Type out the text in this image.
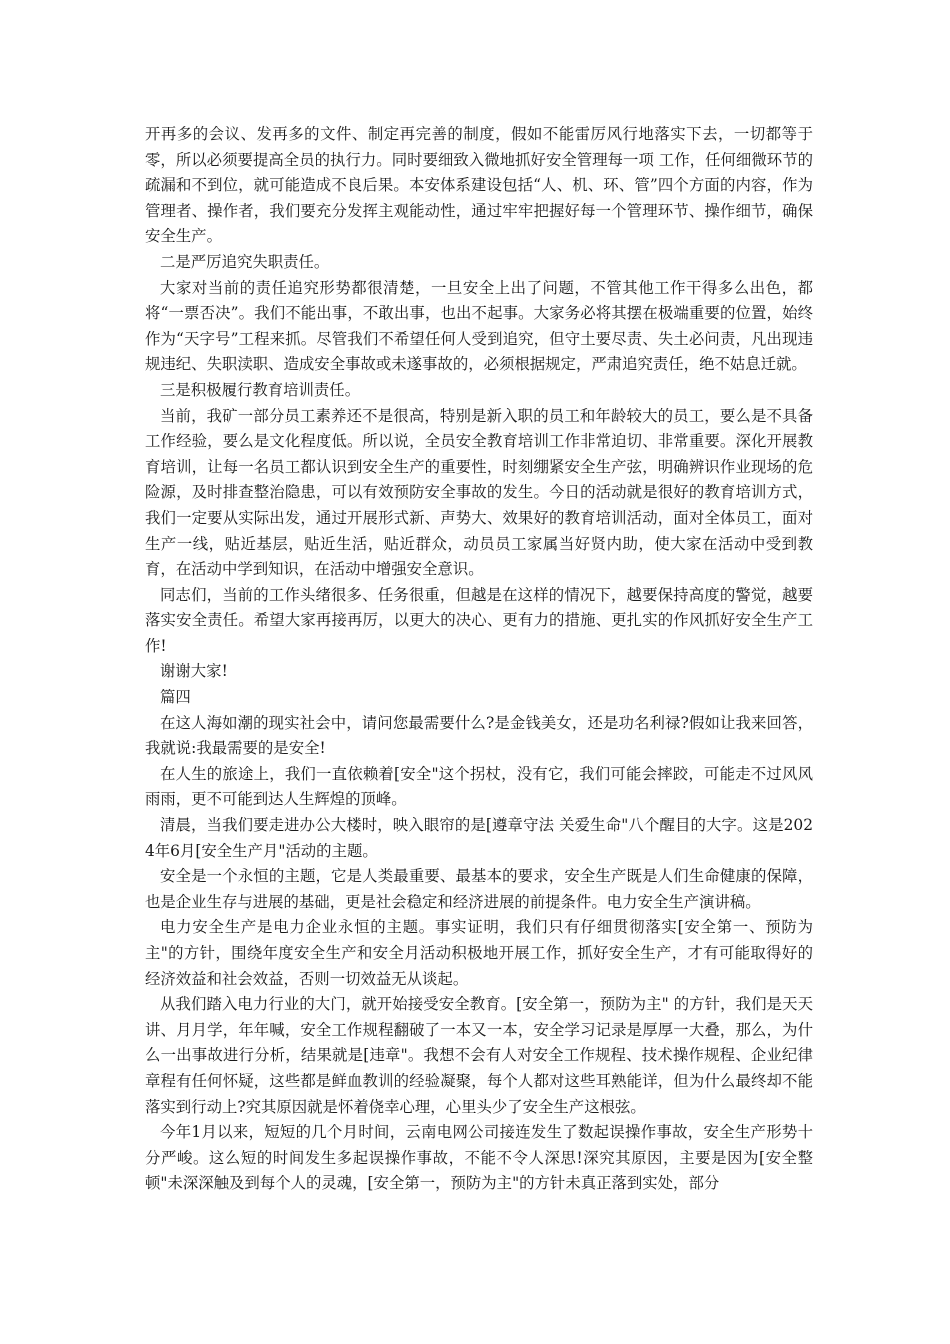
开再多的会议、发再多的文件、制定再完善的制度，假如不能雷厉风行地落实下去，一切都等于零，所以必须要提高全员的执行力。同时要细致入微地抓好安全管理每一项 工作，任何细微环节的疏漏和不到位，就可能造成不良后果。本安体系建设包括“人、机、环、管”四个方面的内容，作为管理者、操作者，我们要充分发挥主观能动性，通过牢牢把握好每一个管理环节、操作细节，确保安全生产。

二是严厉追究失职责任。

大家对当前的责任追究形势都很清楚，一旦安全上出了问题，不管其他工作干得多么出色，都将“一票否决”。我们不能出事，不敢出事，也出不起事。大家务必将其摆在极端重要的位置，始终作为“天字号”工程来抓。尽管我们不希望任何人受到追究，但守土要尽责、失土必问责，凡出现违规违纪、失职渎职、造成安全事故或未遂事故的，必须根据规定，严肃追究责任，绝不姑息迁就。

三是积极履行教育培训责任。

当前，我矿一部分员工素养还不是很高，特别是新入职的员工和年龄较大的员工，要么是不具备工作经验，要么是文化程度低。所以说，全员安全教育培训工作非常迫切、非常重要。深化开展教育培训，让每一名员工都认识到安全生产的重要性，时刻绷紧安全生产弦，明确辨识作业现场的危险源，及时排查整治隐患，可以有效预防安全事故的发生。今日的活动就是很好的教育培训方式，我们一定要从实际出发，通过开展形式新、声势大、效果好的教育培训活动，面对全体员工，面对生产一线，贴近基层，贴近生活，贴近群众，动员员工家属当好贤内助，使大家在活动中受到教育，在活动中学到知识，在活动中增强安全意识。

同志们，当前的工作头绪很多、任务很重，但越是在这样的情况下，越要保持高度的警觉，越要落实安全责任。希望大家再接再厉，以更大的决心、更有力的措施、更扎实的作风抓好安全生产工作!

谢谢大家!

篇四

在这人海如潮的现实社会中，请问您最需要什么?是金钱美女，还是功名利禄?假如让我来回答，我就说:我最需要的是安全!

在人生的旅途上，我们一直依赖着[安全"这个拐杖，没有它，我们可能会摔跤，可能走不过风风雨雨，更不可能到达人生辉煌的顶峰。

清晨，当我们要走进办公大楼时，映入眼帘的是[遵章守法 关爱生命"八个醒目的大字。这是2024年6月[安全生产月"活动的主题。

安全是一个永恒的主题，它是人类最重要、最基本的要求，安全生产既是人们生命健康的保障，也是企业生存与进展的基础，更是社会稳定和经济进展的前提条件。电力安全生产演讲稿。

电力安全生产是电力企业永恒的主题。事实证明，我们只有仔细贯彻落实[安全第一、预防为主"的方针，围绕年度安全生产和安全月活动积极地开展工作，抓好安全生产，才有可能取得好的经济效益和社会效益，否则一切效益无从谈起。

从我们踏入电力行业的大门，就开始接受安全教育。[安全第一，预防为主" 的方针，我们是天天讲、月月学，年年喊，安全工作规程翻破了一本又一本，安全学习记录是厚厚一大叠，那么，为什么一出事故进行分析，结果就是[违章"。我想不会有人对安全工作规程、技术操作规程、企业纪律章程有任何怀疑，这些都是鲜血教训的经验凝聚，每个人都对这些耳熟能详，但为什么最终却不能落实到行动上?究其原因就是怀着侥幸心理，心里头少了安全生产这根弦。

今年1月以来，短短的几个月时间，云南电网公司接连发生了数起误操作事故，安全生产形势十分严峻。这么短的时间发生多起误操作事故，不能不令人深思!深究其原因，主要是因为[安全整顿"未深深触及到每个人的灵魂，[安全第一，预防为主"的方针未真正落到实处，部分
